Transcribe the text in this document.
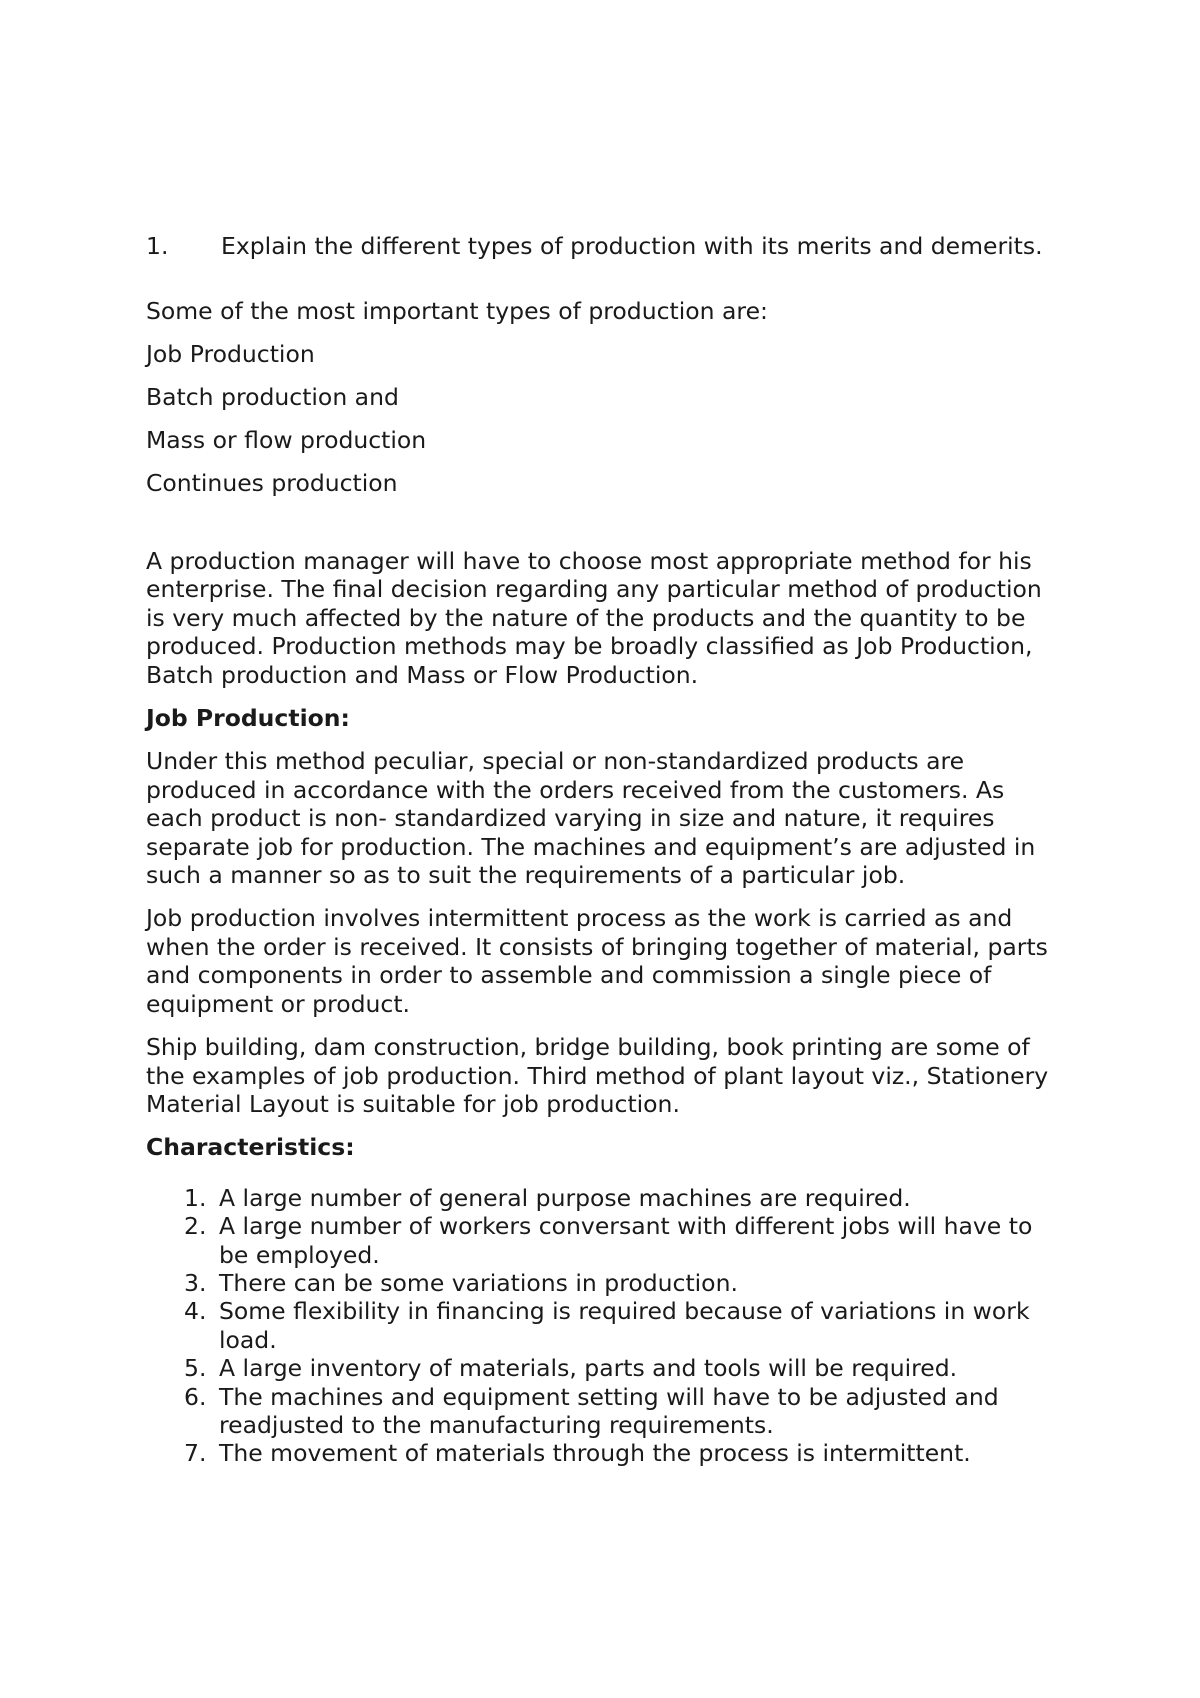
1.	Explain the different types of production with its merits and demerits.

Some of the most important types of production are:

Job Production

Batch production and

Mass or flow production

Continues production

A production manager will have to choose most appropriate method for his enterprise. The final decision regarding any particular method of production is very much affected by the nature of the products and the quantity to be produced. Production methods may be broadly classified as Job Production, Batch production and Mass or Flow Production.

Job Production:

Under this method peculiar, special or non-standardized products are produced in accordance with the orders received from the customers. As each product is non- standardized varying in size and nature, it requires separate job for production. The machines and equipment’s are adjusted in such a manner so as to suit the requirements of a particular job.

Job production involves intermittent process as the work is carried as and when the order is received. It consists of bringing together of material, parts and components in order to assemble and commission a single piece of equipment or product.

Ship building, dam construction, bridge building, book printing are some of the examples of job production. Third method of plant layout viz., Stationery Material Layout is suitable for job production.

Characteristics:
1. A large number of general purpose machines are required.
2. A large number of workers conversant with different jobs will have to be employed.
3. There can be some variations in production.
4. Some flexibility in financing is required because of variations in work load.
5. A large inventory of materials, parts and tools will be required.
6. The machines and equipment setting will have to be adjusted and readjusted to the manufacturing requirements.
7. The movement of materials through the process is intermittent.
